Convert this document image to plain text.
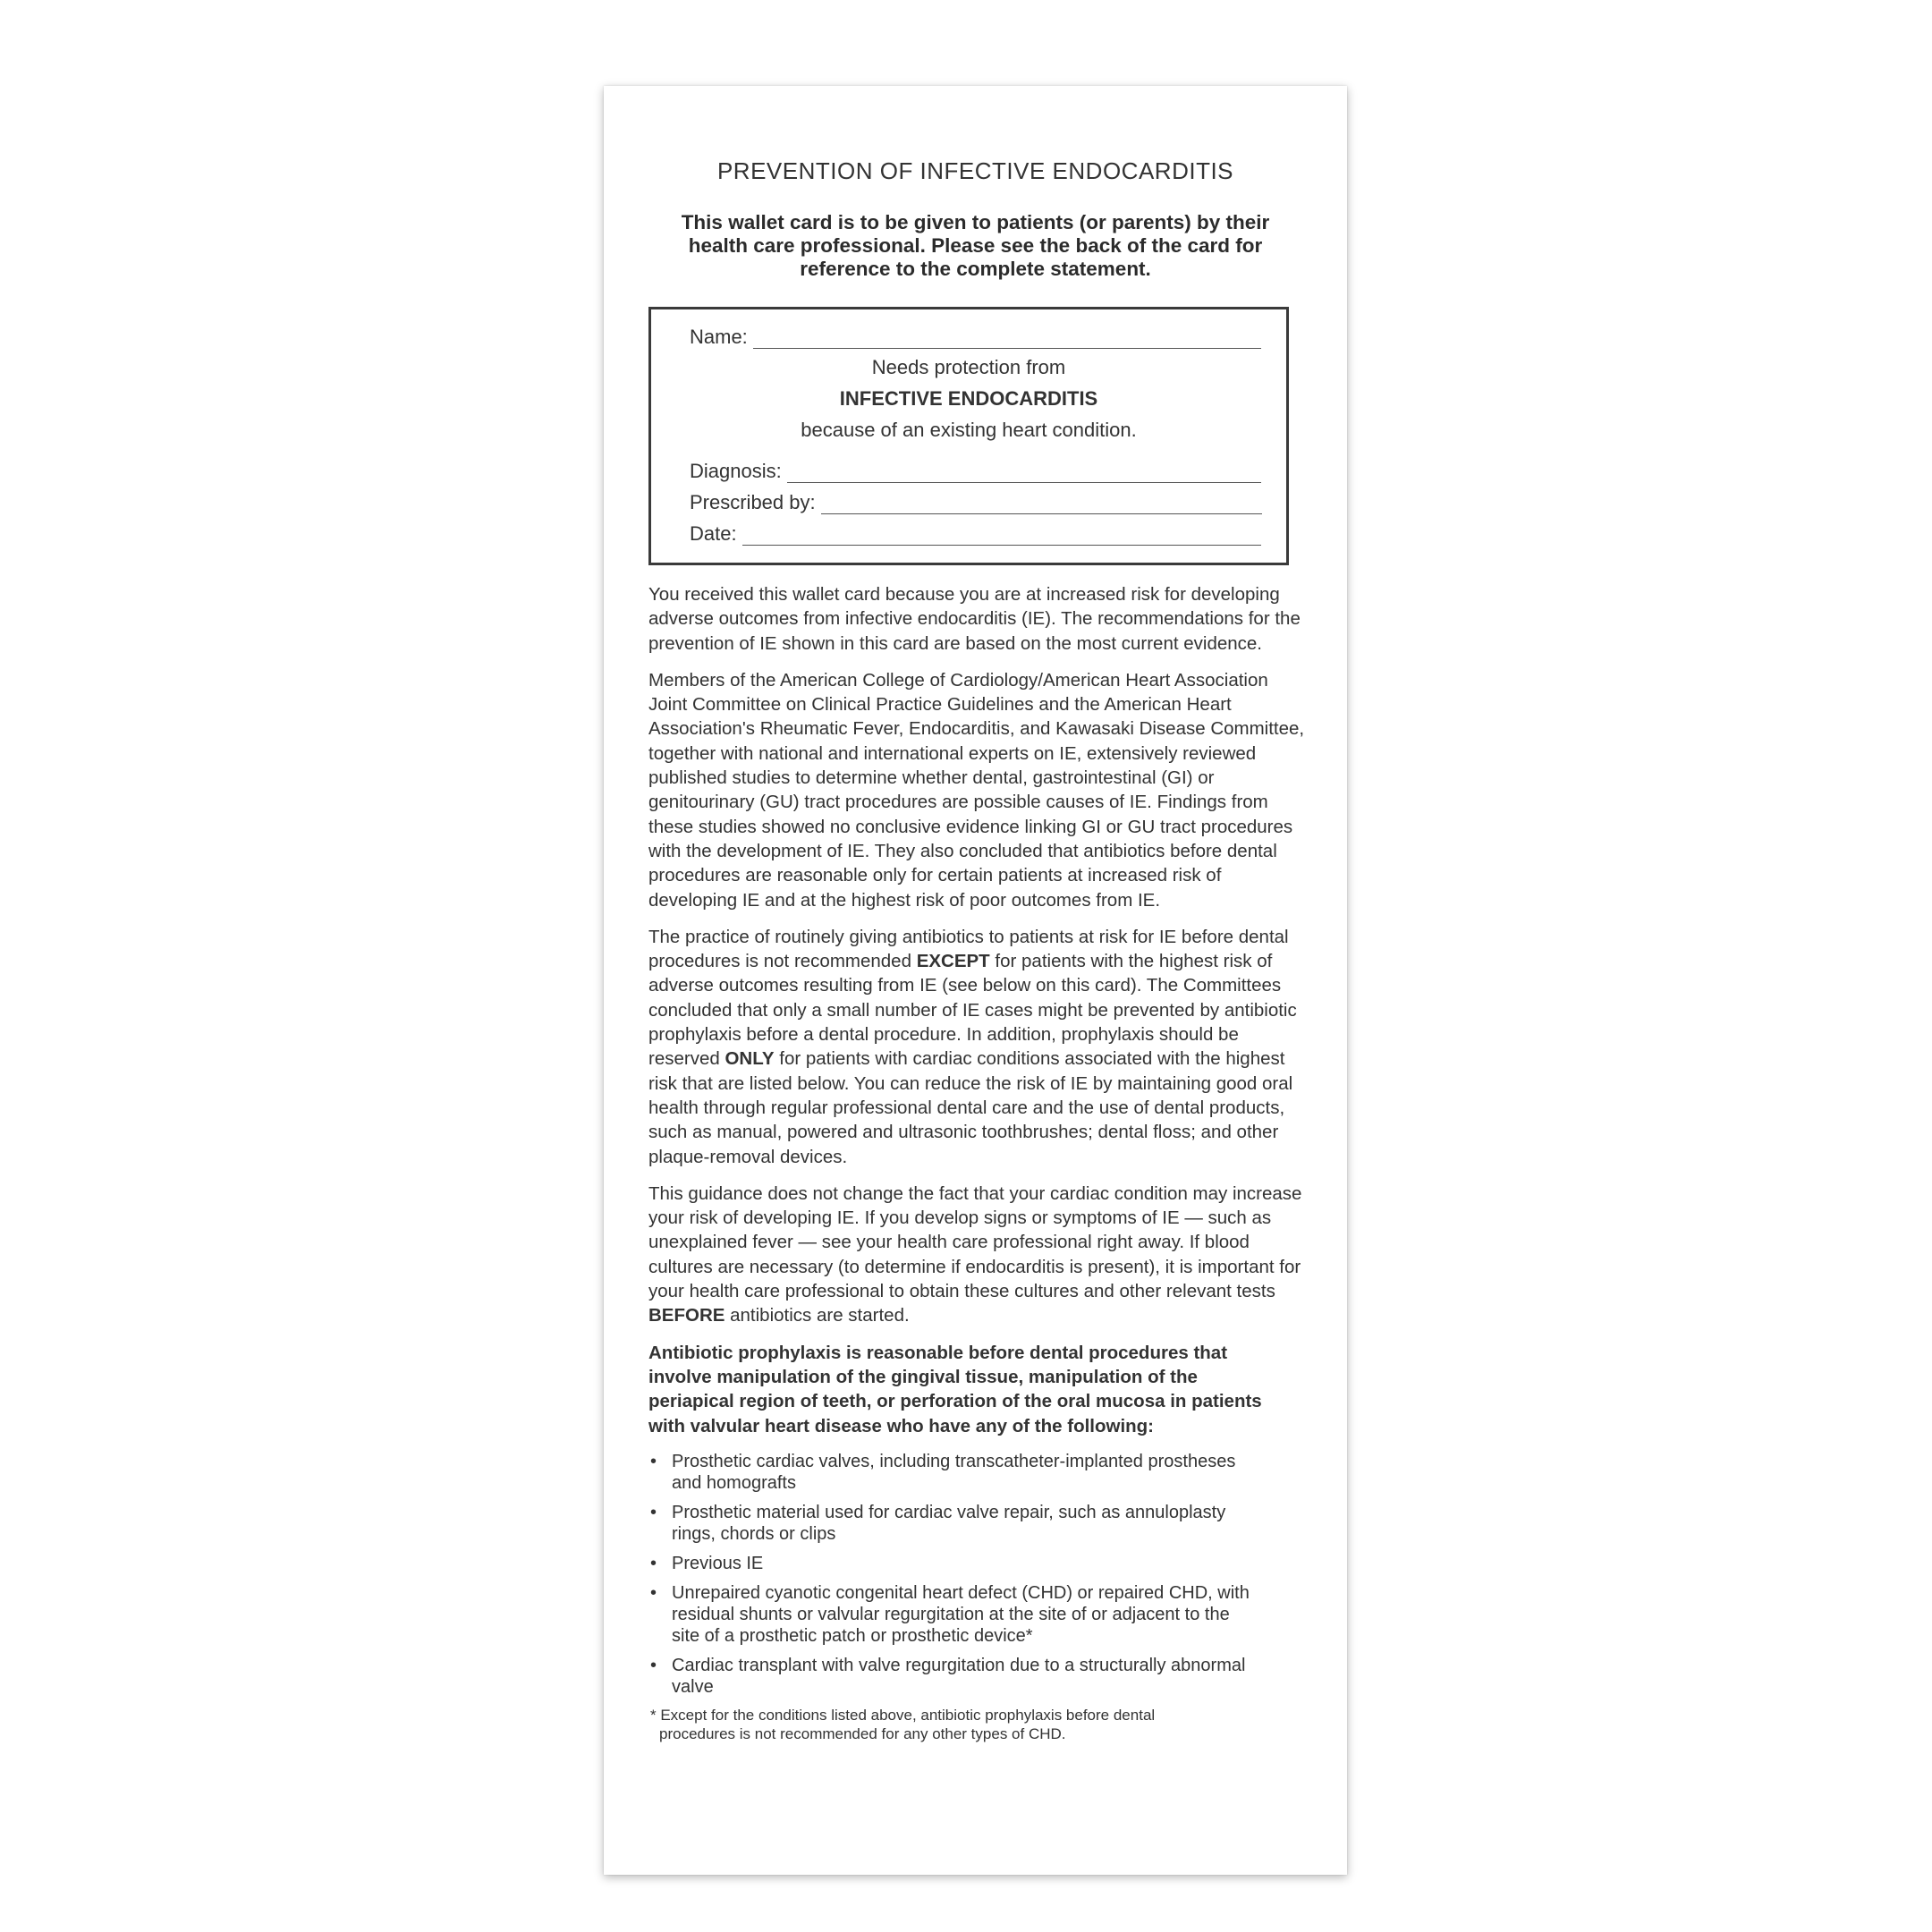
PREVENTION OF INFECTIVE ENDOCARDITIS
This wallet card is to be given to patients (or parents) by their
health care professional. Please see the back of the card for
reference to the complete statement.
Name:
Needs protection from
INFECTIVE ENDOCARDITIS
because of an existing heart condition.
Diagnosis:
Prescribed by:
Date:

You received this wallet card because you are at increased risk for developing adverse outcomes from infective endocarditis (IE). The recommendations for the prevention of IE shown in this card are based on the most current evidence.

Members of the American College of Cardiology/American Heart Association Joint Committee on Clinical Practice Guidelines and the American Heart Association's Rheumatic Fever, Endocarditis, and Kawasaki Disease Committee, together with national and international experts on IE, extensively reviewed published studies to determine whether dental, gastrointestinal (GI) or genitourinary (GU) tract procedures are possible causes of IE. Findings from these studies showed no conclusive evidence linking GI or GU tract procedures with the development of IE. They also concluded that antibiotics before dental procedures are reasonable only for certain patients at increased risk of developing IE and at the highest risk of poor outcomes from IE.

The practice of routinely giving antibiotics to patients at risk for IE before dental procedures is not recommended EXCEPT for patients with the highest risk of adverse outcomes resulting from IE (see below on this card). The Committees concluded that only a small number of IE cases might be prevented by antibiotic prophylaxis before a dental procedure. In addition, prophylaxis should be reserved ONLY for patients with cardiac conditions associated with the highest risk that are listed below. You can reduce the risk of IE by maintaining good oral health through regular professional dental care and the use of dental products, such as manual, powered and ultrasonic toothbrushes; dental floss; and other plaque-removal devices.

This guidance does not change the fact that your cardiac condition may increase your risk of developing IE. If you develop signs or symptoms of IE — such as unexplained fever — see your health care professional right away. If blood cultures are necessary (to determine if endocarditis is present), it is important for your health care professional to obtain these cultures and other relevant tests BEFORE antibiotics are started.

Antibiotic prophylaxis is reasonable before dental procedures that involve manipulation of the gingival tissue, manipulation of the periapical region of teeth, or perforation of the oral mucosa in patients with valvular heart disease who have any of the following:

• Prosthetic cardiac valves, including transcatheter-implanted prostheses and homografts
• Prosthetic material used for cardiac valve repair, such as annuloplasty rings, chords or clips
• Previous IE
• Unrepaired cyanotic congenital heart defect (CHD) or repaired CHD, with residual shunts or valvular regurgitation at the site of or adjacent to the site of a prosthetic patch or prosthetic device*
• Cardiac transplant with valve regurgitation due to a structurally abnormal valve
* Except for the conditions listed above, antibiotic prophylaxis before dental procedures is not recommended for any other types of CHD.
